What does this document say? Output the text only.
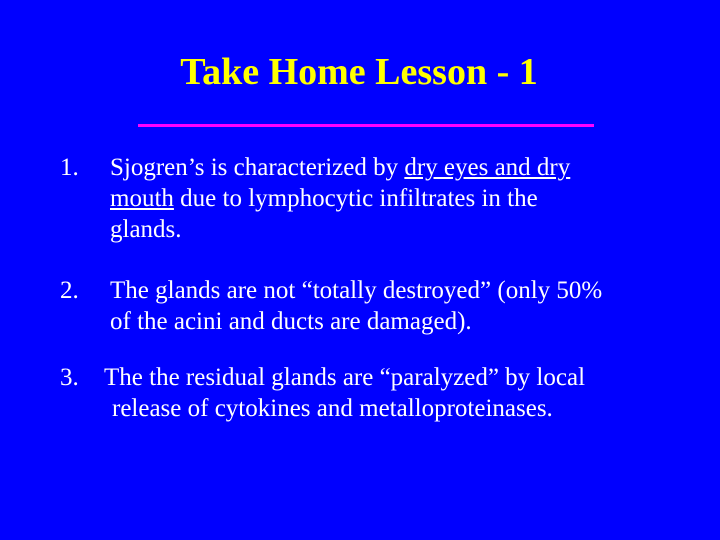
Take Home Lesson - 1
1. Sjogren’s is characterized by dry eyes and dry
mouth due to lymphocytic infiltrates in the
glands.
2. The glands are not “totally destroyed” (only 50%
of the acini and ducts are damaged).
3. The the residual glands are “paralyzed” by local
release of cytokines and metalloproteinases.
